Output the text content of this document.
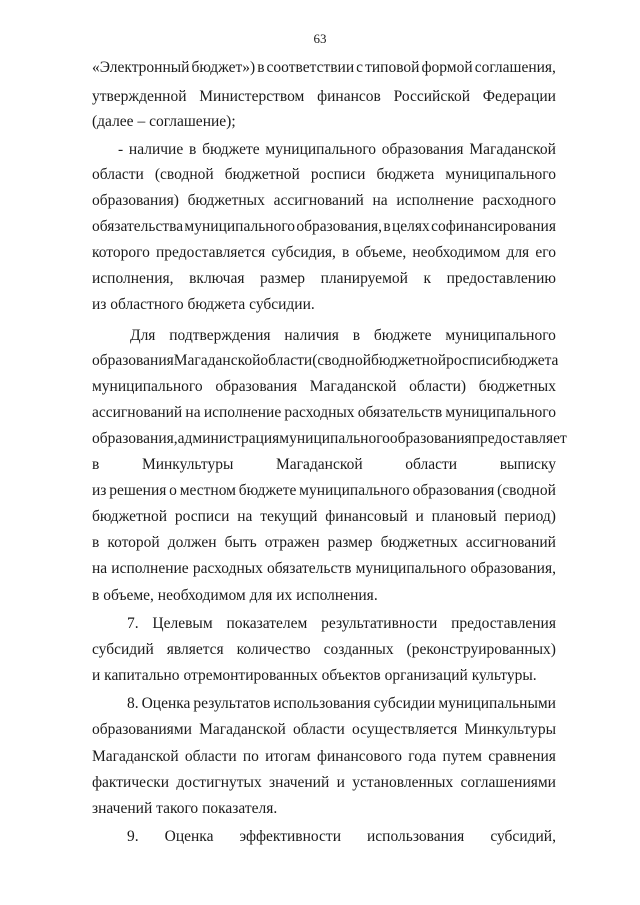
63
«Электронный бюджет») в соответствии с типовой формой соглашения,
утвержденной Министерством финансов Российской Федерации
(далее – соглашение);
- наличие в бюджете муниципального образования Магаданской
области (сводной бюджетной росписи бюджета муниципального
образования) бюджетных ассигнований на исполнение расходного
обязательства муниципального образования, в целях софинансирования
которого предоставляется субсидия, в объеме, необходимом для его
исполнения, включая размер планируемой к предоставлению
из областного бюджета субсидии.
Для подтверждения наличия в бюджете муниципального
образования Магаданской области (сводной бюджетной росписи бюджета
муниципального образования Магаданской области) бюджетных
ассигнований на исполнение расходных обязательств муниципального
образования, администрация муниципального образования предоставляет
в	Минкультуры	Магаданской	области	выписку
из решения о местном бюджете муниципального образования (сводной
бюджетной росписи на текущий финансовый и плановый период)
в которой должен быть отражен размер бюджетных ассигнований
на исполнение расходных обязательств муниципального образования,
в объеме, необходимом для их исполнения.
7. Целевым показателем результативности предоставления
субсидий является количество созданных (реконструированных)
и капитально отремонтированных объектов организаций культуры.
8. Оценка результатов использования субсидии муниципальными
образованиями Магаданской области осуществляется Минкультуры
Магаданской области по итогам финансового года путем сравнения
фактически достигнутых значений и установленных соглашениями
значений такого показателя.
9. Оценка эффективности использования субсидий,
